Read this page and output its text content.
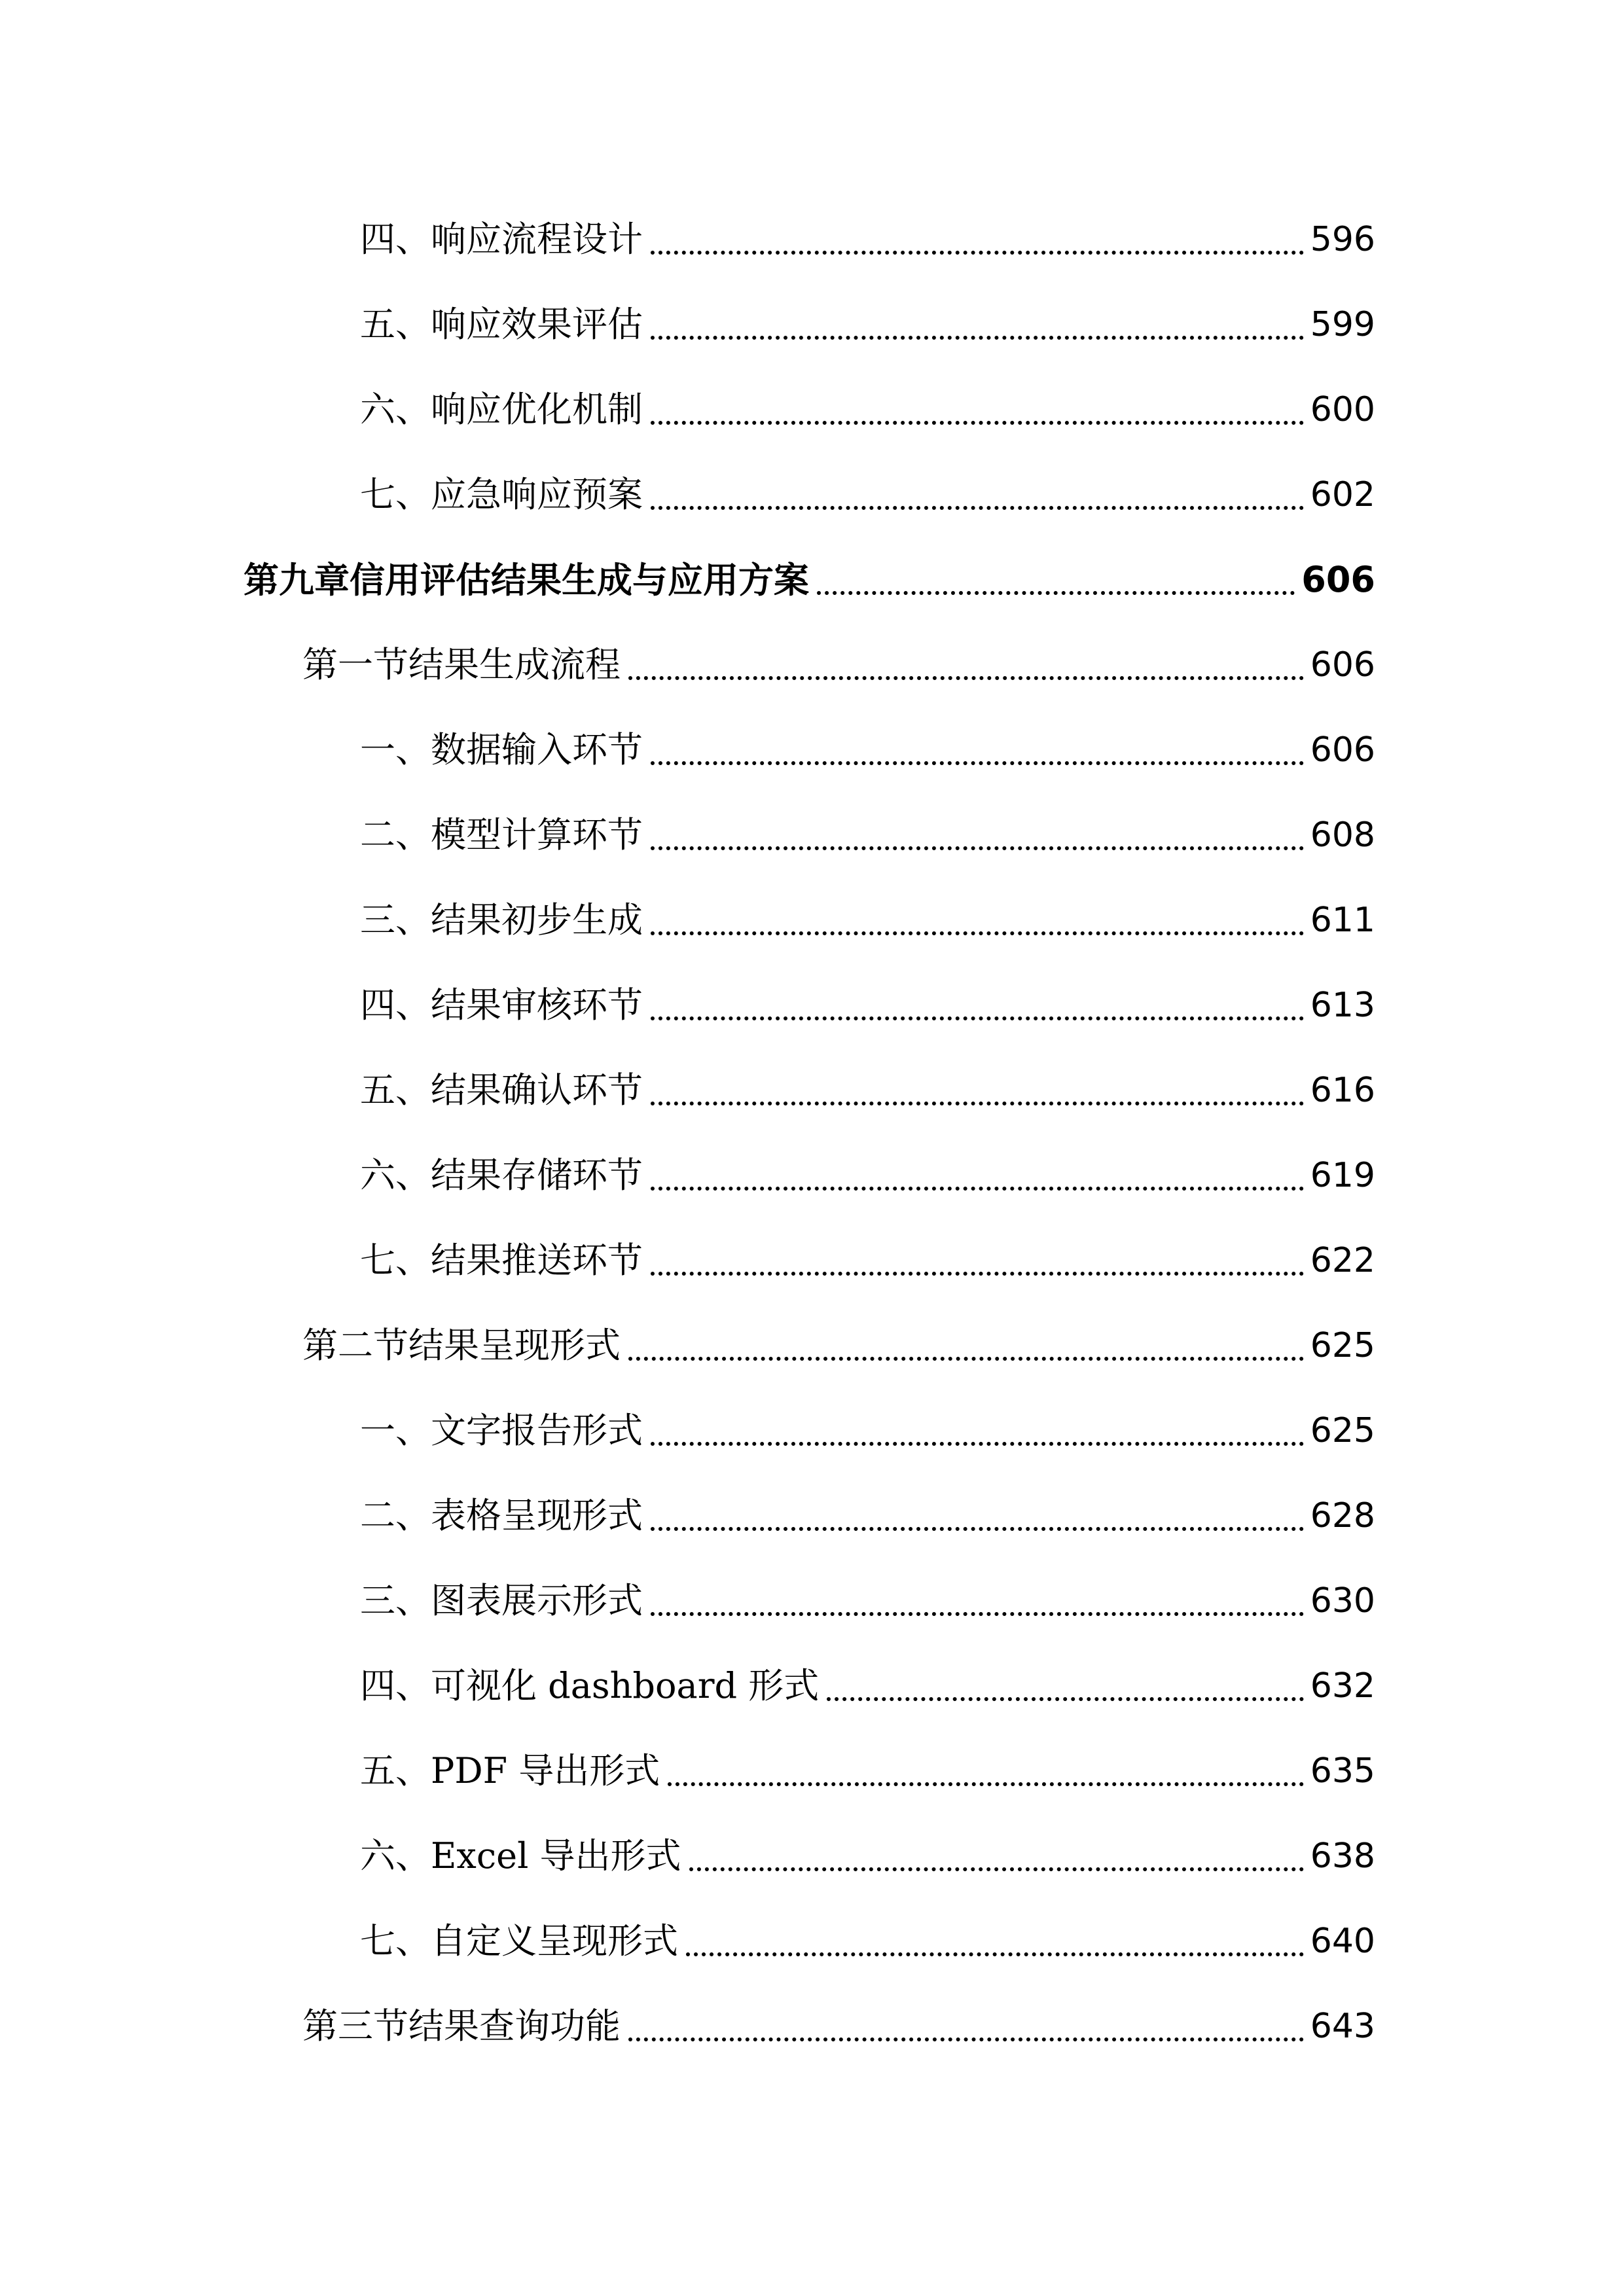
四、响应流程设计	596
五、响应效果评估	599
六、响应优化机制	600
七、应急响应预案	602
第九章信用评估结果生成与应用方案	606
第一节结果生成流程	606
一、数据输入环节	606
二、模型计算环节	608
三、结果初步生成	611
四、结果审核环节	613
五、结果确认环节	616
六、结果存储环节	619
七、结果推送环节	622
第二节结果呈现形式	625
一、文字报告形式	625
二、表格呈现形式	628
三、图表展示形式	630
四、可视化 dashboard 形式	632
五、PDF 导出形式	635
六、Excel 导出形式	638
七、自定义呈现形式	640
第三节结果查询功能	643
